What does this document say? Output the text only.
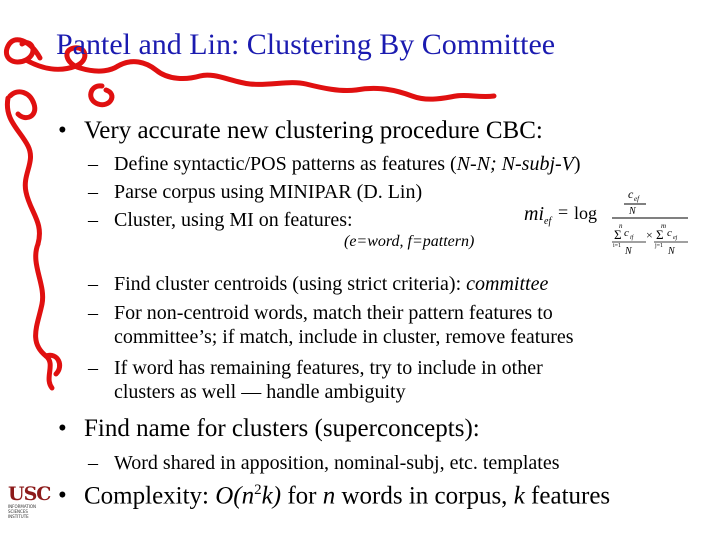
Pantel and Lin: Clustering By Committee
• Very accurate new clustering procedure CBC:
– Define syntactic/POS patterns as features (N-N; N-subj-V)
– Parse corpus using MINIPAR (D. Lin)
– Cluster, using MI on features:
(e=word, f=pattern)
mi ef = log
c ef
N
n
Σ
i=1
c if
N
×
m
Σ
j=1
c ej
N
– Find cluster centroids (using strict criteria): committee
– For non-centroid words, match their pattern features to
committee’s; if match, include in cluster, remove features
– If word has remaining features, try to include in other
clusters as well — handle ambiguity
• Find name for clusters (superconcepts):
– Word shared in apposition, nominal-subj, etc. templates
• Complexity: $O(n^2k)$ for n words in corpus, k features
USC
INFORMATION
SCIENCES
INSTITUTE
